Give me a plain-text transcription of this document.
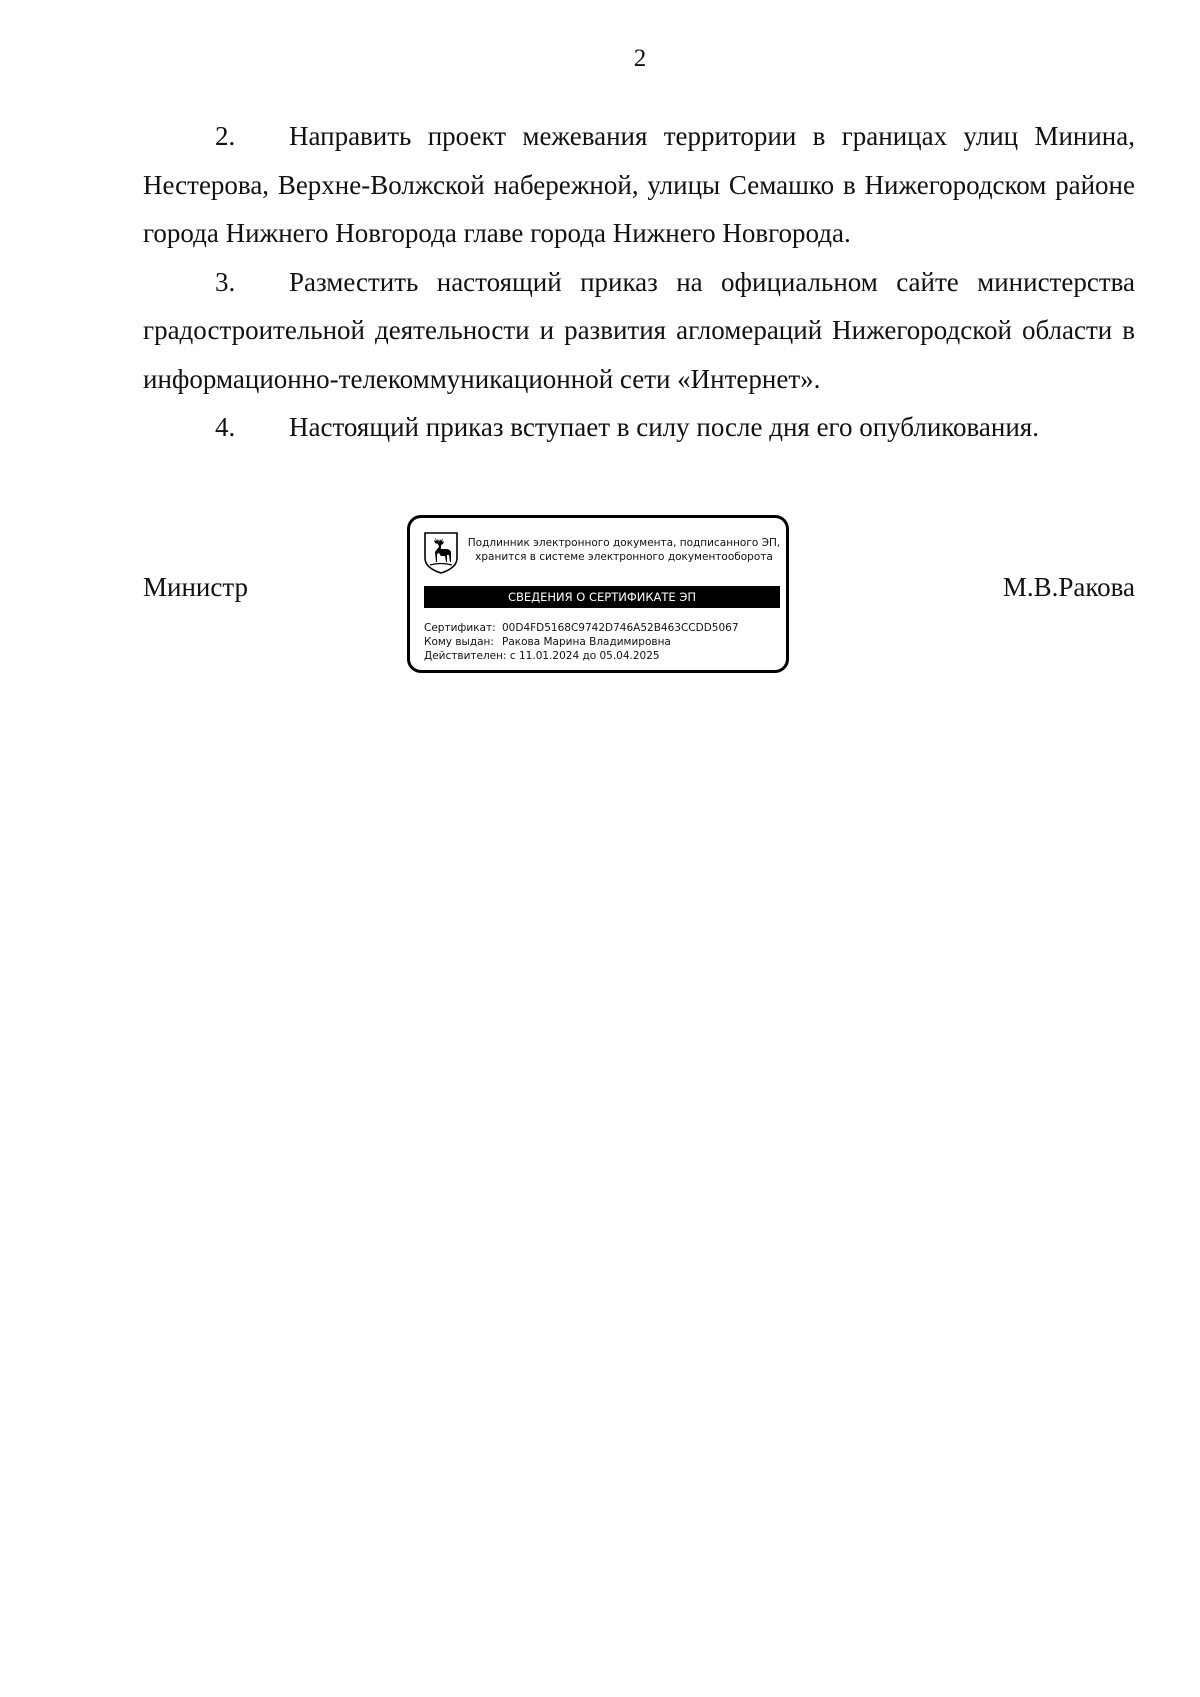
2

2. Направить проект межевания территории в границах улиц Минина, Нестерова, Верхне-Волжской набережной, улицы Семашко в Нижегородском районе города Нижнего Новгорода главе города Нижнего Новгорода.

3. Разместить настоящий приказ на официальном сайте министерства градостроительной деятельности и развития агломераций Нижегородской области в информационно-телекоммуникационной сети «Интернет».

4. Настоящий приказ вступает в силу после дня его опубликования.

Министр	М.В.Ракова
Подлинник электронного документа, подписанного ЭП,
хранится в системе электронного документооборота
СВЕДЕНИЯ О СЕРТИФИКАТЕ ЭП
Сертификат: 00D4FD5168C9742D746A52B463CCDD5067
Кому выдан: Ракова Марина Владимировна
Действителен: с 11.01.2024 до 05.04.2025
